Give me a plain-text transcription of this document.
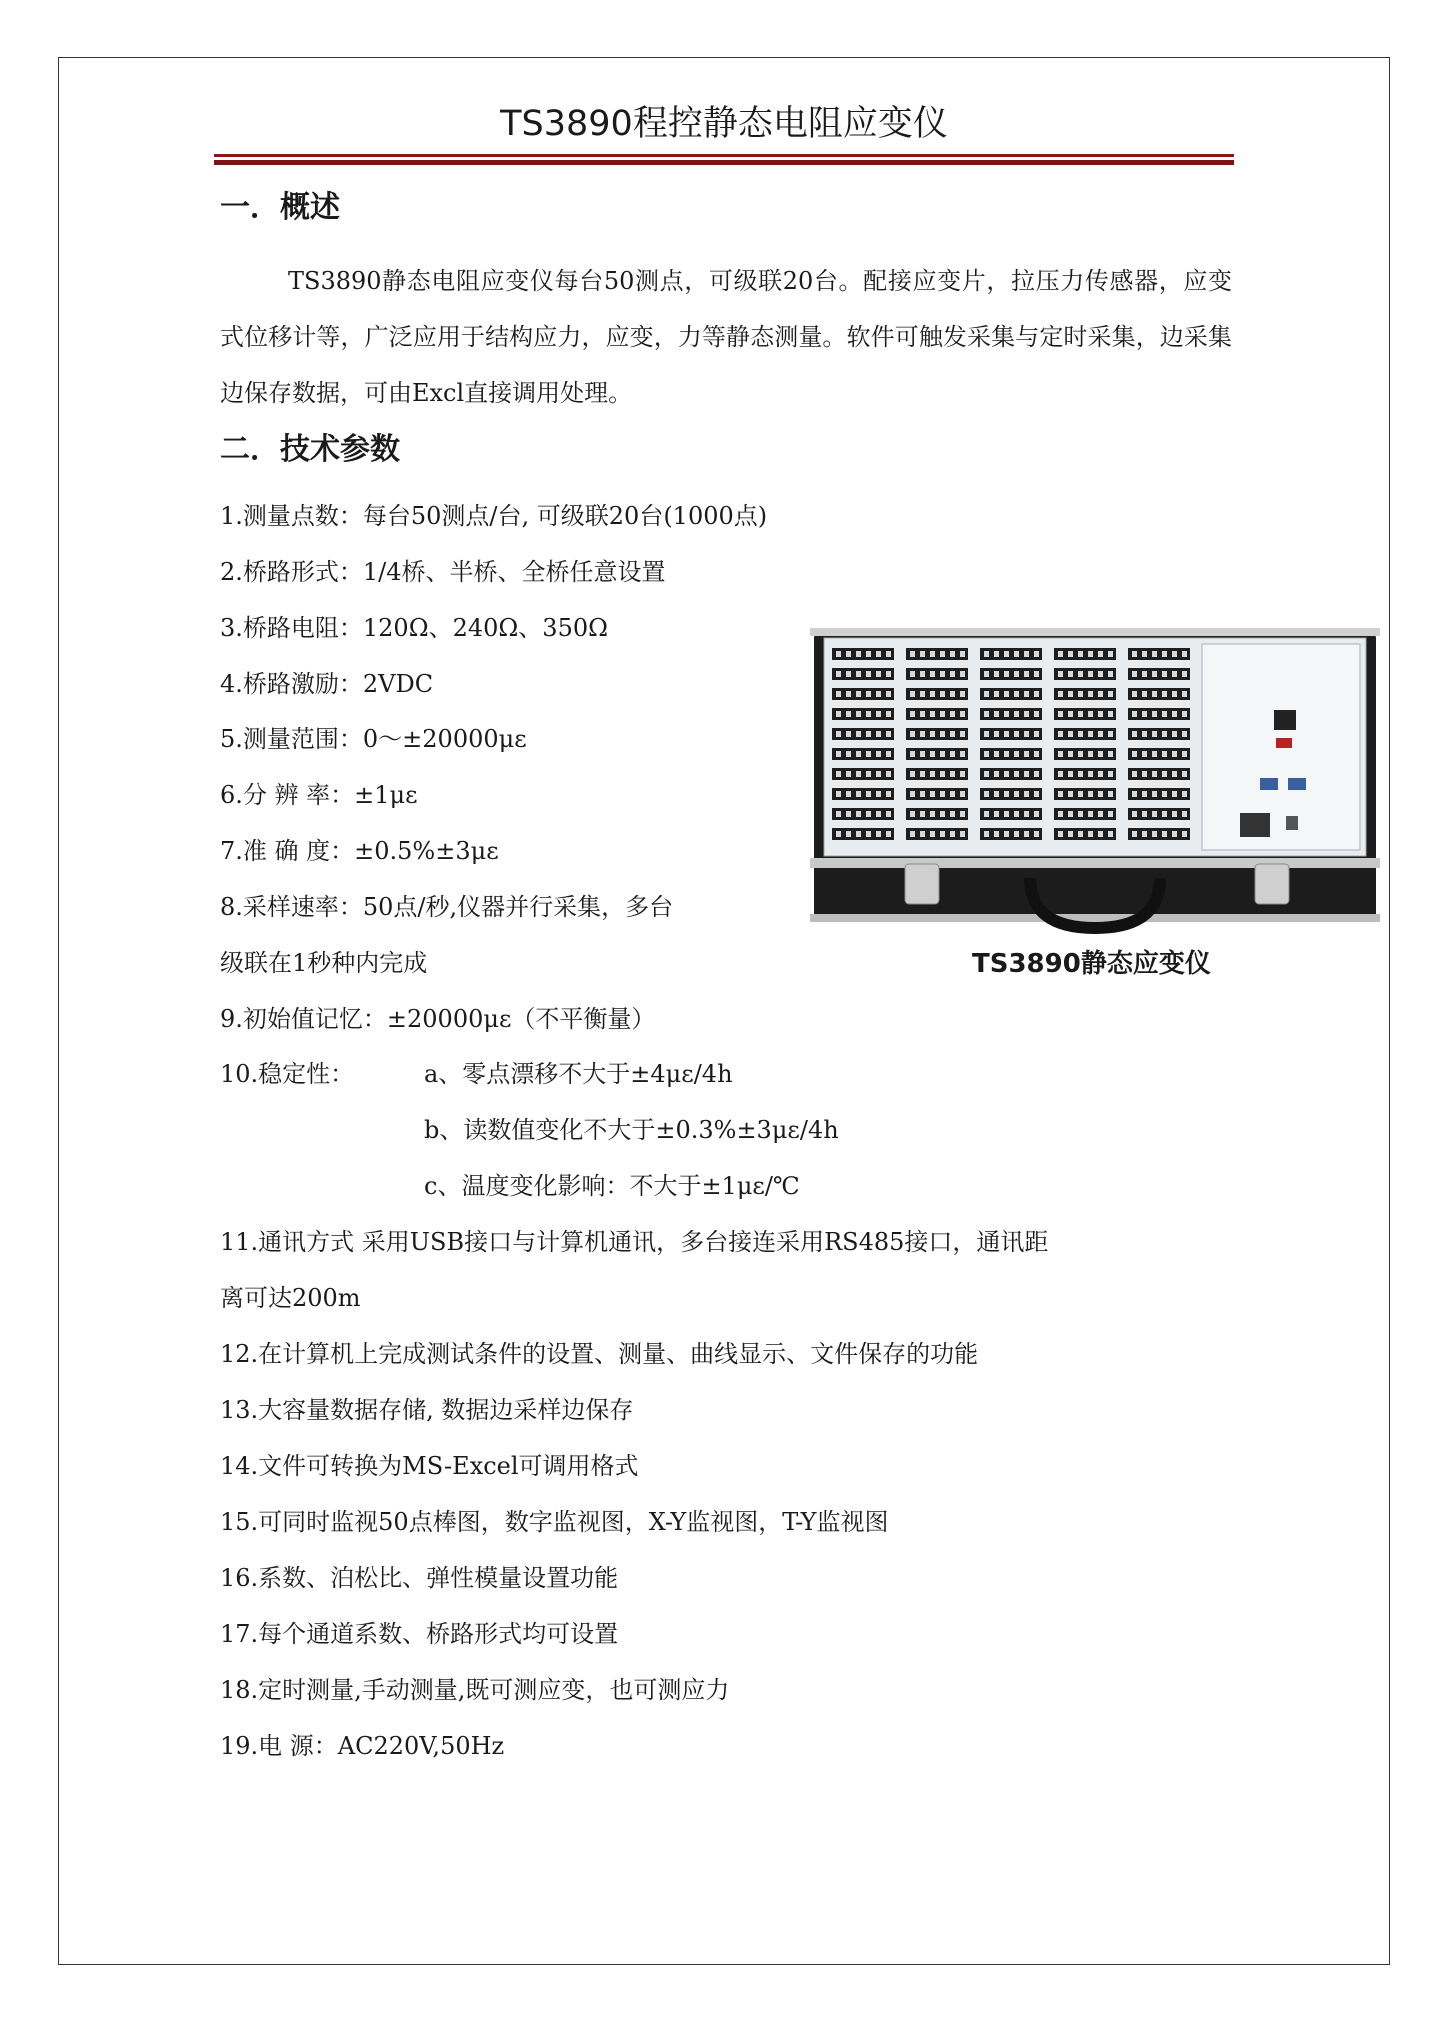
TS3890程控静态电阻应变仪
一．概述

TS3890静态电阻应变仪每台50测点，可级联20台。配接应变片，拉压力传感器，应变式位移计等，广泛应用于结构应力，应变，力等静态测量。软件可触发采集与定时采集，边采集边保存数据，可由Excl直接调用处理。

二．技术参数
1.测量点数：每台50测点/台, 可级联20台(1000点)
2.桥路形式：1/4桥、半桥、全桥任意设置
3.桥路电阻：120Ω、240Ω、350Ω
4.桥路激励：2VDC
5.测量范围：0～±20000με
6.分 辨 率：±1με
7.准 确 度：±0.5%±3με
8.采样速率：50点/秒,仪器并行采集，多台
级联在1秒种内完成
9.初始值记忆：±20000με（不平衡量）
10.稳定性：	a、零点漂移不大于±4με/4h
b、读数值变化不大于±0.3%±3με/4h
c、温度变化影响：不大于±1με/℃
11.通讯方式 采用USB接口与计算机通讯，多台接连采用RS485接口，通讯距
离可达200m
12.在计算机上完成测试条件的设置、测量、曲线显示、文件保存的功能
13.大容量数据存储, 数据边采样边保存
14.文件可转换为MS-Excel可调用格式
15.可同时监视50点棒图，数字监视图，X-Y监视图，T-Y监视图
16.系数、泊松比、弹性模量设置功能
17.每个通道系数、桥路形式均可设置
18.定时测量,手动测量,既可测应变，也可测应力
19.电 源：AC220V,50Hz
TS3890静态应变仪
